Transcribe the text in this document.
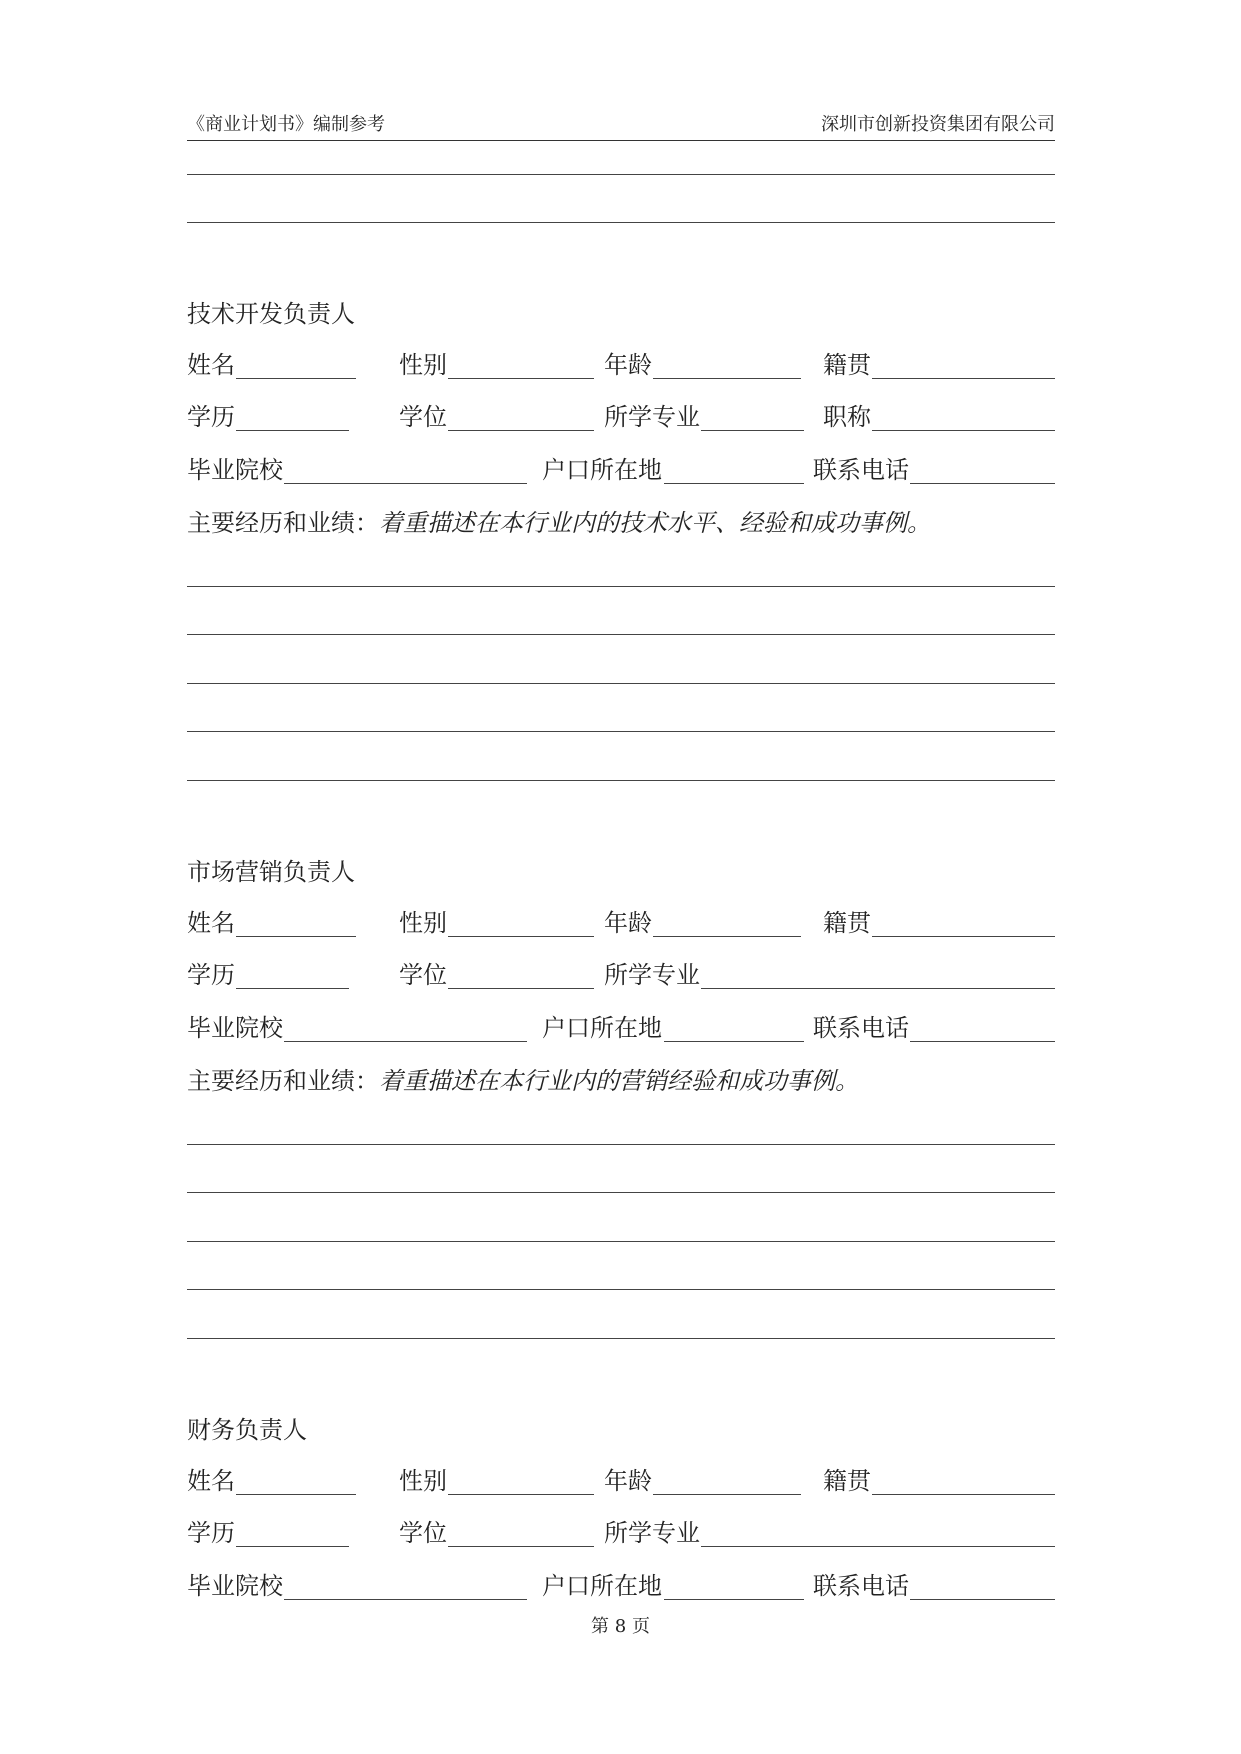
《商业计划书》编制参考	深圳市创新投资集团有限公司
技术开发负责人
姓名	性别	年龄	籍贯
学历	学位	所学专业	职称
毕业院校	户口所在地	联系电话
主要经历和业绩：着重描述在本行业内的技术水平、经验和成功事例。
市场营销负责人
姓名	性别	年龄	籍贯
学历	学位	所学专业
毕业院校	户口所在地	联系电话
主要经历和业绩：着重描述在本行业内的营销经验和成功事例。
财务负责人
姓名	性别	年龄	籍贯
学历	学位	所学专业
毕业院校	户口所在地	联系电话
第 8 页
